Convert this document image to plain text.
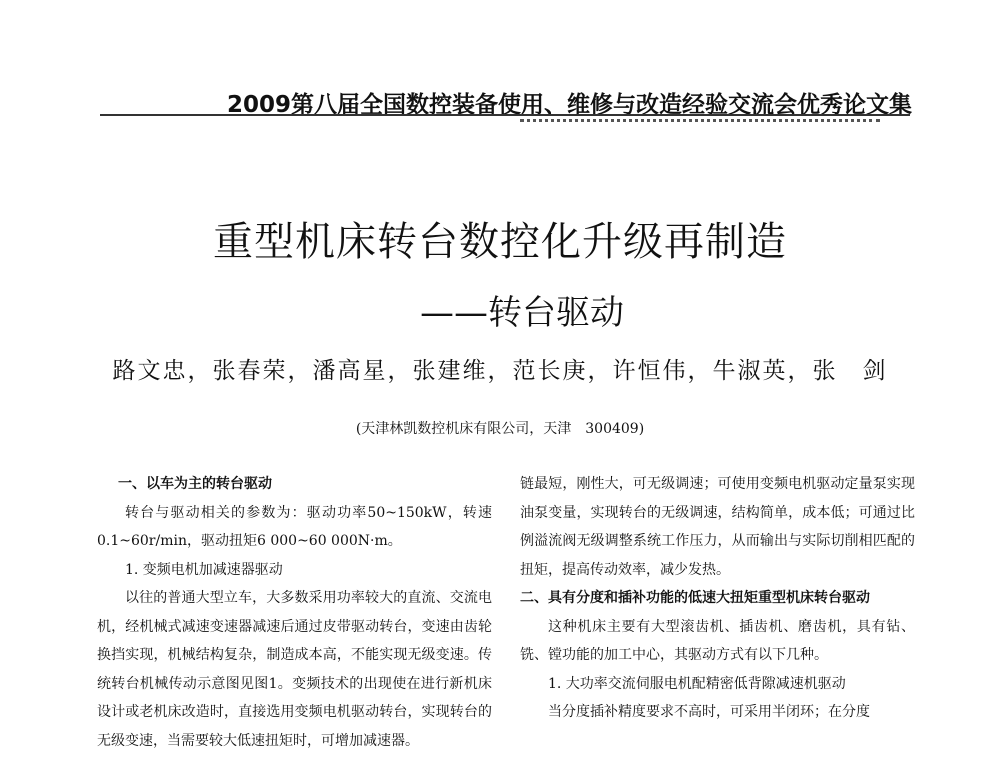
2009第八届全国数控装备使用、维修与改造经验交流会优秀论文集
重型机床转台数控化升级再制造
——转台驱动
路文忠，张春荣，潘高星，张建维，范长庚，许恒伟，牛淑英，张　剑
(天津林凯数控机床有限公司，天津　300409)

一、以车为主的转台驱动

转台与驱动相关的参数为：驱动功率50~150kW，转速0.1~60r/min，驱动扭矩6 000~60 000N·m。

1. 变频电机加减速器驱动

以往的普通大型立车，大多数采用功率较大的直流、交流电机，经机械式减速变速器减速后通过皮带驱动转台，变速由齿轮换挡实现，机械结构复杂，制造成本高，不能实现无级变速。传统转台机械传动示意图见图1。变频技术的出现使在进行新机床设计或老机床改造时，直接选用变频电机驱动转台，实现转台的无级变速，当需要较大低速扭矩时，可增加减速器。

链最短，刚性大，可无级调速；可使用变频电机驱动定量泵实现油泵变量，实现转台的无级调速，结构简单，成本低；可通过比例溢流阀无级调整系统工作压力，从而输出与实际切削相匹配的扭矩，提高传动效率，减少发热。

二、具有分度和插补功能的低速大扭矩重型机床转台驱动

这种机床主要有大型滚齿机、插齿机、磨齿机，具有钻、铣、镗功能的加工中心，其驱动方式有以下几种。

1. 大功率交流伺服电机配精密低背隙减速机驱动

当分度插补精度要求不高时，可采用半闭环；在分度
